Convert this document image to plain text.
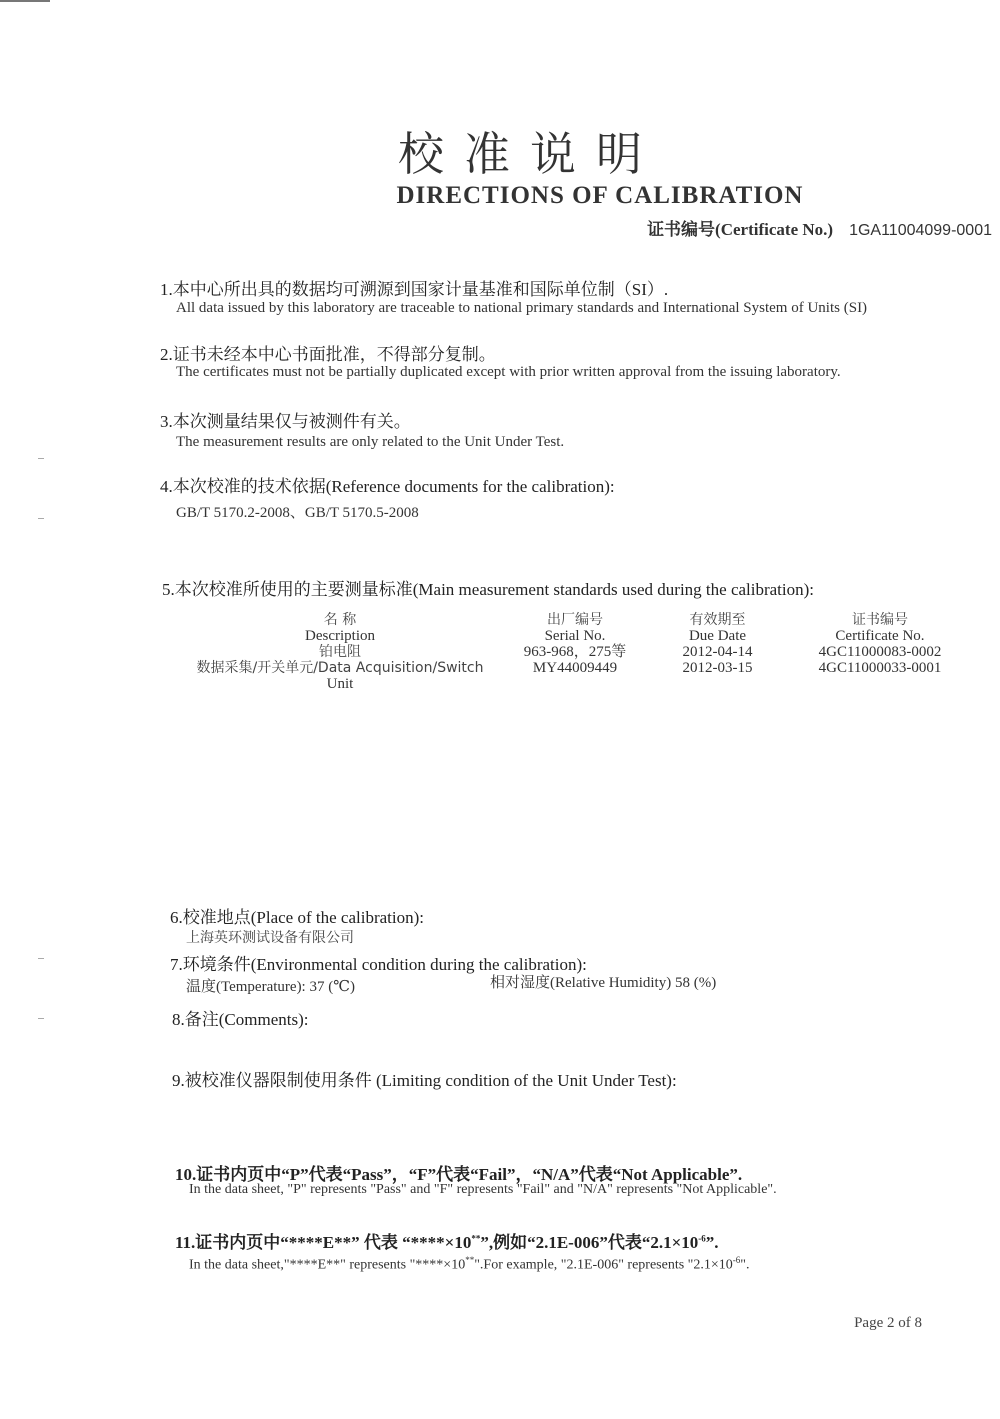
校准说明
DIRECTIONS OF CALIBRATION
证书编号(Certificate No.) 1GA11004099-0001
1.本中心所出具的数据均可溯源到国家计量基准和国际单位制（SI）.
All data issued by this laboratory are traceable to national primary standards and International System of Units (SI)
2.证书未经本中心书面批准，不得部分复制。
The certificates must not be partially duplicated except with prior written approval from the issuing laboratory.
3.本次测量结果仅与被测件有关。
The measurement results are only related to the Unit Under Test.
4.本次校准的技术依据(Reference documents for the calibration):
GB/T 5170.2-2008、GB/T 5170.5-2008
5.本次校准所使用的主要测量标准(Main measurement standards used during the calibration):
名 称
Description
铂电阻
数据采集/开关单元/Data Acquisition/Switch
Unit
出厂编号
Serial No.
963-968，275等
MY44009449
有效期至
Due Date
2012-04-14
2012-03-15
证书编号
Certificate No.
4GC11000083-0002
4GC11000033-0001
6.校准地点(Place of the calibration):
上海英环测试设备有限公司
7.环境条件(Environmental condition during the calibration):
温度(Temperature): 37 (℃)	相对湿度(Relative Humidity) 58 (%)
8.备注(Comments):
9.被校准仪器限制使用条件 (Limiting condition of the Unit Under Test):
10.证书内页中“P”代表“Pass”，“F”代表“Fail”，“N/A”代表“Not Applicable”.
In the data sheet, "P" represents "Pass" and "F" represents "Fail" and "N/A" represents "Not Applicable".
11.证书内页中“****E**” 代表 “****×10**”,例如“2.1E-006”代表“$2.1\times 10^{-6}$”.
In the data sheet,"****E**" represents "****×10**".For example, "2.1E-006" represents "$2.1\times 10^{-6}$".
Page 2 of 8
